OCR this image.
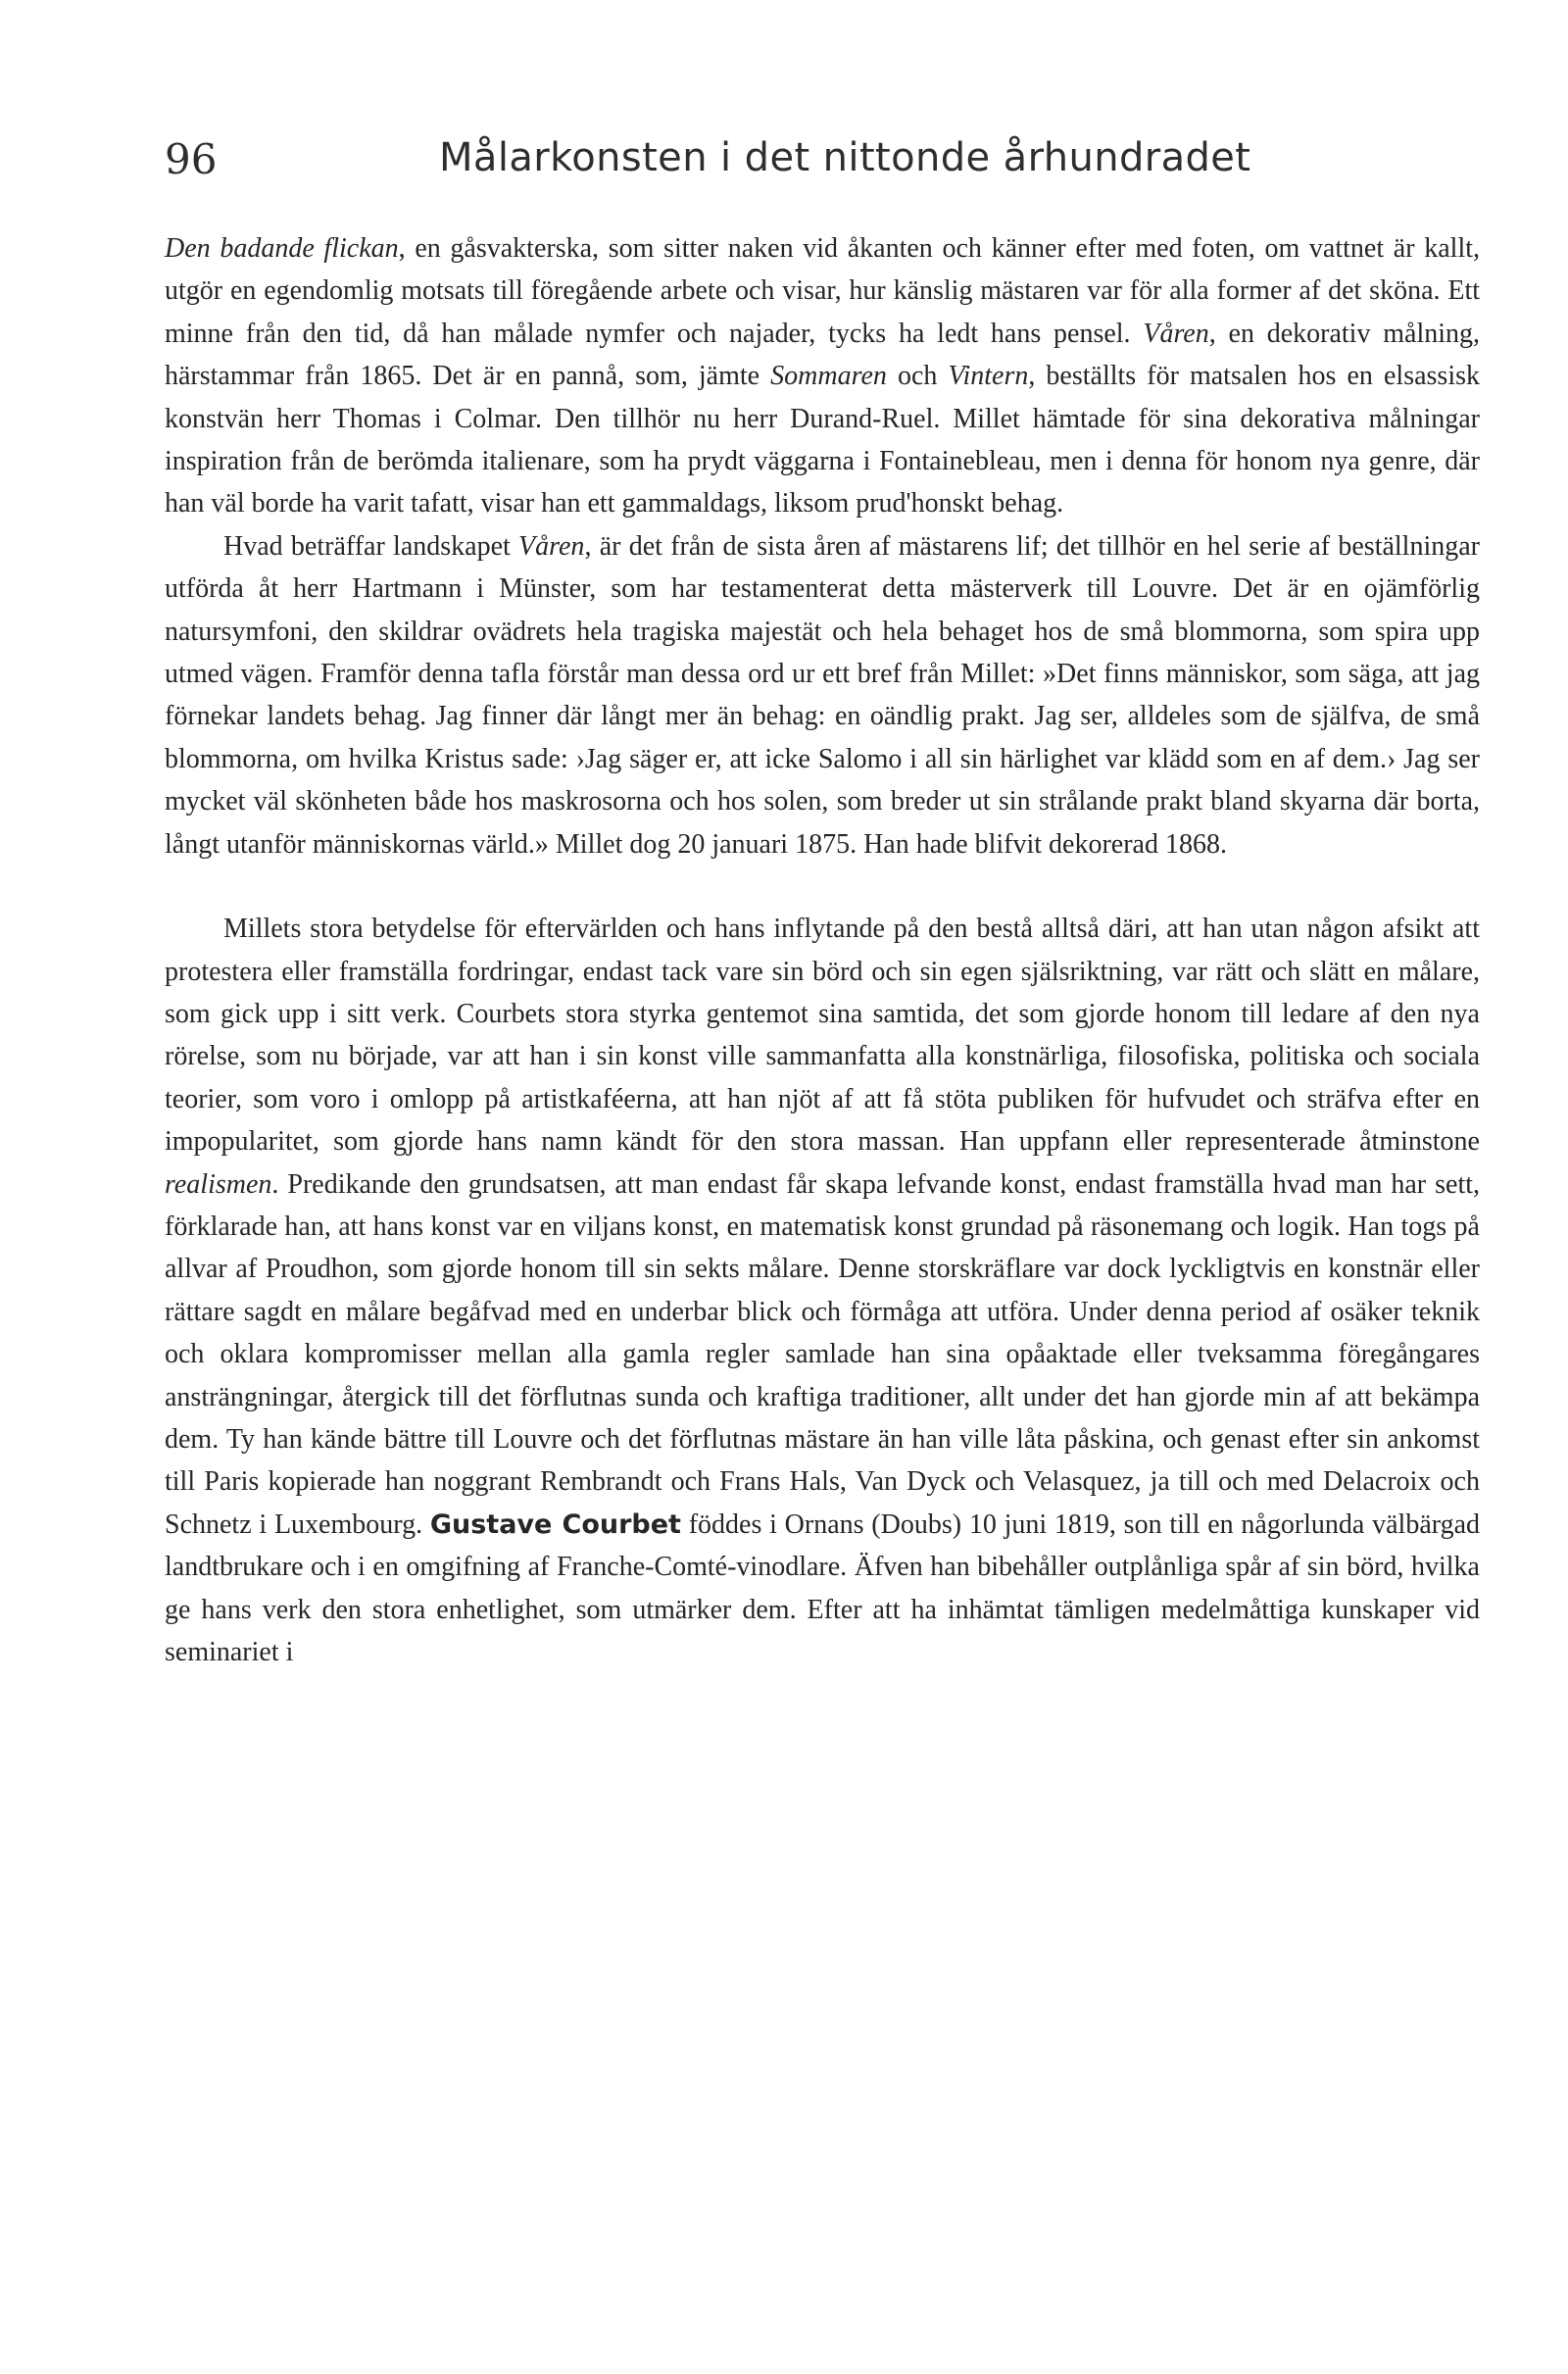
96	Målarkonsten i det nittonde århundradet

Den badande flickan, en gåsvakterska, som sitter naken vid åkanten och känner efter med foten, om vattnet är kallt, utgör en egendomlig motsats till föregående arbete och visar, hur känslig mästaren var för alla former af det sköna. Ett minne från den tid, då han målade nymfer och najader, tycks ha ledt hans pensel. Våren, en dekorativ målning, härstammar från 1865. Det är en pannå, som, jämte Sommaren och Vintern, beställts för matsalen hos en elsassisk konstvän herr Thomas i Colmar. Den tillhör nu herr Durand-Ruel. Millet hämtade för sina dekorativa målningar inspiration från de berömda italienare, som ha prydt väggarna i Fontainebleau, men i denna för honom nya genre, där han väl borde ha varit tafatt, visar han ett gammaldags, liksom prud'honskt behag.

Hvad beträffar landskapet Våren, är det från de sista åren af mästarens lif; det tillhör en hel serie af beställningar utförda åt herr Hartmann i Münster, som har testamenterat detta mästerverk till Louvre. Det är en ojämförlig natursymfoni, den skildrar ovädrets hela tragiska majestät och hela behaget hos de små blommorna, som spira upp utmed vägen. Framför denna tafla förstår man dessa ord ur ett bref från Millet: »Det finns människor, som säga, att jag förnekar landets behag. Jag finner där långt mer än behag: en oändlig prakt. Jag ser, alldeles som de själfva, de små blommorna, om hvilka Kristus sade: ›Jag säger er, att icke Salomo i all sin härlighet var klädd som en af dem.› Jag ser mycket väl skönheten både hos maskrosorna och hos solen, som breder ut sin strålande prakt bland skyarna där borta, långt utanför människornas värld.» Millet dog 20 januari 1875. Han hade blifvit dekorerad 1868.

Millets stora betydelse för eftervärlden och hans inflytande på den bestå alltså däri, att han utan någon afsikt att protestera eller framställa fordringar, endast tack vare sin börd och sin egen själsriktning, var rätt och slätt en målare, som gick upp i sitt verk. Courbets stora styrka gentemot sina samtida, det som gjorde honom till ledare af den nya rörelse, som nu började, var att han i sin konst ville sammanfatta alla konstnärliga, filosofiska, politiska och sociala teorier, som voro i omlopp på artistkaféerna, att han njöt af att få stöta publiken för hufvudet och sträfva efter en impopularitet, som gjorde hans namn kändt för den stora massan. Han uppfann eller representerade åtminstone realismen. Predikande den grundsatsen, att man endast får skapa lefvande konst, endast framställa hvad man har sett, förklarade han, att hans konst var en viljans konst, en matematisk konst grundad på räsonemang och logik. Han togs på allvar af Proudhon, som gjorde honom till sin sekts målare. Denne storskräflare var dock lyckligtvis en konstnär eller rättare sagdt en målare begåfvad med en underbar blick och förmåga att utföra. Under denna period af osäker teknik och oklara kompromisser mellan alla gamla regler samlade han sina opåaktade eller tveksamma föregångares ansträngningar, återgick till det förflutnas sunda och kraftiga traditioner, allt under det han gjorde min af att bekämpa dem. Ty han kände bättre till Louvre och det förflutnas mästare än han ville låta påskina, och genast efter sin ankomst till Paris kopierade han noggrant Rembrandt och Frans Hals, Van Dyck och Velasquez, ja till och med Delacroix och Schnetz i Luxembourg. Gustave Courbet föddes i Ornans (Doubs) 10 juni 1819, son till en någorlunda välbärgad landtbrukare och i en omgifning af Franche-Comté-vinodlare. Äfven han bibehåller outplånliga spår af sin börd, hvilka ge hans verk den stora enhetlighet, som utmärker dem. Efter att ha inhämtat tämligen medelmåttiga kunskaper vid seminariet i
